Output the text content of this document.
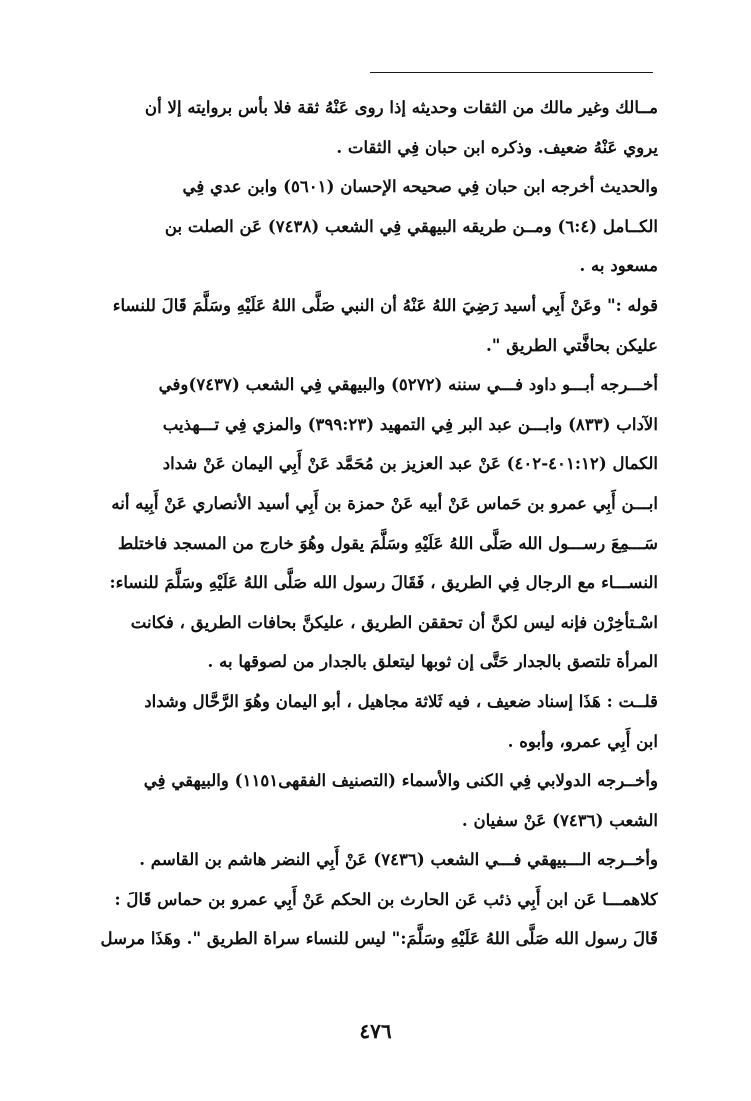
مــالك وغير مالك من الثقات وحديثه إذا روى عَنْهُ ثقة فلا بأس بروايته إلا أن
يروي عَنْهُ ضعيف. وذكره ابن حبان فِي الثقات .
والحديث أخرجه ابن حبان فِي صحيحه الإحسان (٥٦٠١) وابن عدي فِي
الكــامل (٦:٤) ومــن طريقه البيهقي فِي الشعب (٧٤٣٨) عَن الصلت بن
مسعود به .
قوله :" وعَنْ أَبِي أسيد رَضِيَ اللهُ عَنْهُ أن النبي صَلَّى اللهُ عَلَيْهِ وسَلَّمَ قَالَ للنساء
عليكن بحافَّتي الطريق ".
أخـــرجه أبـــو داود فـــي سننه (٥٢٧٢) والبيهقي فِي الشعب (٧٤٣٧)وفي
الآداب (٨٣٣) وابـــن عبد البر فِي التمهيد (٣٩٩:٢٣) والمزي فِي تـــهذيب
الكمال (٤٠١:١٢-٤٠٢) عَنْ عبد العزيز بن مُحَمَّد عَنْ أَبِي اليمان عَنْ شداد
ابـــن أَبِي عمرو بن حَماس عَنْ أبيه عَنْ حمزة بن أَبِي أسيد الأنصاري عَنْ أَبِيه أنه
سَـــمِعَ رســـول الله صَلَّى اللهُ عَلَيْهِ وسَلَّمَ يقول وهُوَ خارج من المسجد فاختلط
النســـاء مع الرجال فِي الطريق ، فَقَالَ رسول الله صَلَّى اللهُ عَلَيْهِ وسَلَّمَ للنساء:
اسْـتأخِرْن فإنه ليس لكنَّ أن تحققن الطريق ، عليكنَّ بحافات الطريق ، فكانت
المرأة تلتصق بالجدار حَتَّى إن ثوبها ليتعلق بالجدار من لصوقها به .
قلــت : هَذَا إسناد ضعيف ، فيه ثَلاثة مجاهيل ، أبو اليمان وهُوَ الرَّحَّال وشداد
ابن أَبِي عمرو، وأبوه .
وأخــرجه الدولابي فِي الكنى والأسماء (التصنيف الفقهى١١٥١) والبيهقي فِي
الشعب (٧٤٣٦) عَنْ سفيان .
وأخــرجه الـــبيهقي فـــي الشعب (٧٤٣٦) عَنْ أَبِي النضر هاشم بن القاسم .
كلاهمـــا عَن ابن أَبِي ذئب عَن الحارث بن الحكم عَنْ أَبِي عمرو بن حماس قَالَ :
قَالَ رسول الله صَلَّى اللهُ عَلَيْهِ وسَلَّمَ:" ليس للنساء سراة الطريق ". وهَذَا مرسل
٤٧٦
